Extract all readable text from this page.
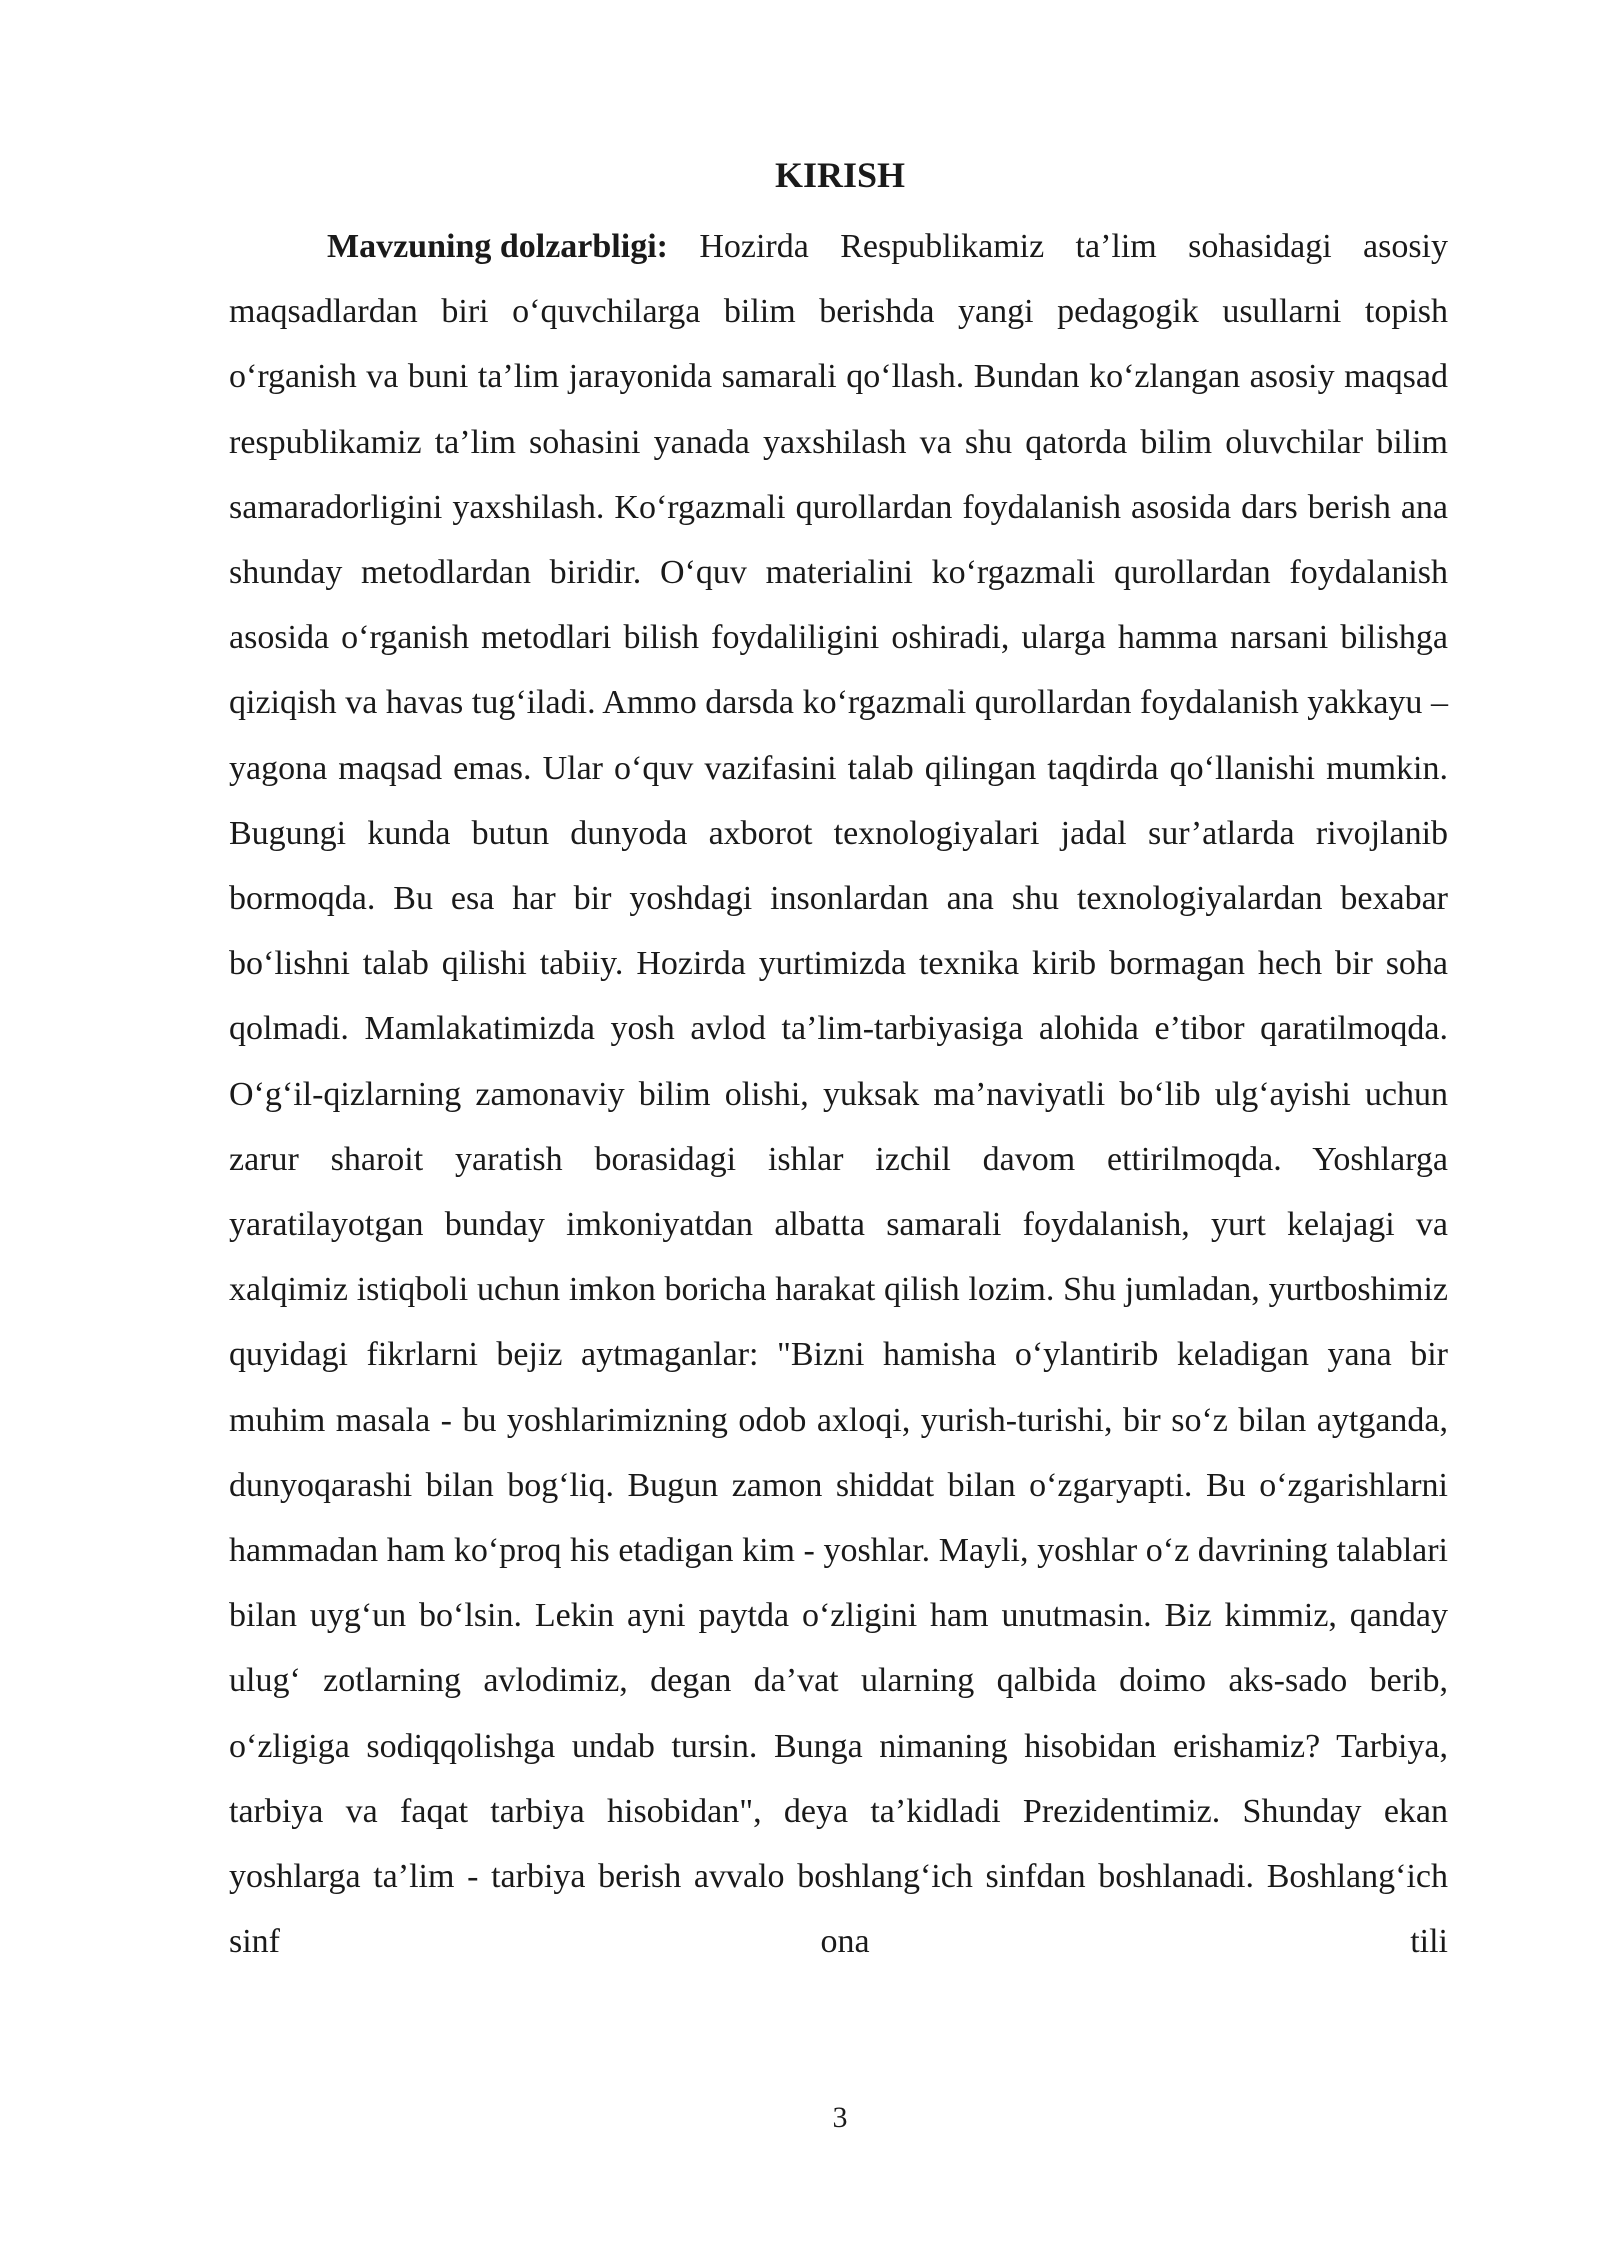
KIRISH
Mavzuning dolzarbligi: Hozirda Respublikamiz ta’lim sohasidagi asosiy maqsadlardan biri o‘quvchilarga bilim berishda yangi pedagogik usullarni topish o‘rganish va buni ta’lim jarayonida samarali qo‘llash. Bundan ko‘zlangan asosiy maqsad respublikamiz ta’lim sohasini yanada yaxshilash va shu qatorda bilim oluvchilar bilim samaradorligini yaxshilash. Ko‘rgazmali qurollardan foydalanish asosida dars berish ana shunday metodlardan biridir. O‘quv materialini ko‘rgazmali qurollardan foydalanish asosida o‘rganish metodlari bilish foydaliligini oshiradi, ularga hamma narsani bilishga qiziqish va havas tug‘iladi. Ammo darsda ko‘rgazmali qurollardan foydalanish yakkayu – yagona maqsad emas. Ular o‘quv vazifasini talab qilingan taqdirda qo‘llanishi mumkin. Bugungi kunda butun dunyoda axborot texnologiyalari jadal sur’atlarda rivojlanib bormoqda. Bu esa har bir yoshdagi insonlardan ana shu texnologiyalardan bexabar bo‘lishni talab qilishi tabiiy. Hozirda yurtimizda texnika kirib bormagan hech bir soha qolmadi. Mamlakatimizda yosh avlod ta’lim-tarbiyasiga alohida e’tibor qaratilmoqda. O‘g‘il-qizlarning zamonaviy bilim olishi, yuksak ma’naviyatli bo‘lib ulg‘ayishi uchun zarur sharoit yaratish borasidagi ishlar izchil davom ettirilmoqda. Yoshlarga yaratilayotgan bunday imkoniyatdan albatta samarali foydalanish, yurt kelajagi va xalqimiz istiqboli uchun imkon boricha harakat qilish lozim. Shu jumladan, yurtboshimiz quyidagi fikrlarni bejiz aytmaganlar: "Bizni hamisha o‘ylantirib keladigan yana bir muhim masala - bu yoshlarimizning odob axloqi, yurish-turishi, bir so‘z bilan aytganda, dunyoqarashi bilan bog‘liq. Bugun zamon shiddat bilan o‘zgaryapti. Bu o‘zgarishlarni hammadan ham ko‘proq his etadigan kim - yoshlar. Mayli, yoshlar o‘z davrining talablari bilan uyg‘un bo‘lsin. Lekin ayni paytda o‘zligini ham unutmasin. Biz kimmiz, qanday ulug‘ zotlarning avlodimiz, degan da’vat ularning qalbida doimo aks-sado berib, o‘zligiga sodiqqolishga undab tursin. Bunga nimaning hisobidan erishamiz? Tarbiya, tarbiya va faqat tarbiya hisobidan", deya ta’kidladi Prezidentimiz. Shunday ekan yoshlarga ta’lim - tarbiya berish avvalo boshlang‘ich sinfdan boshlanadi. Boshlang‘ich sinf ona tili
3
